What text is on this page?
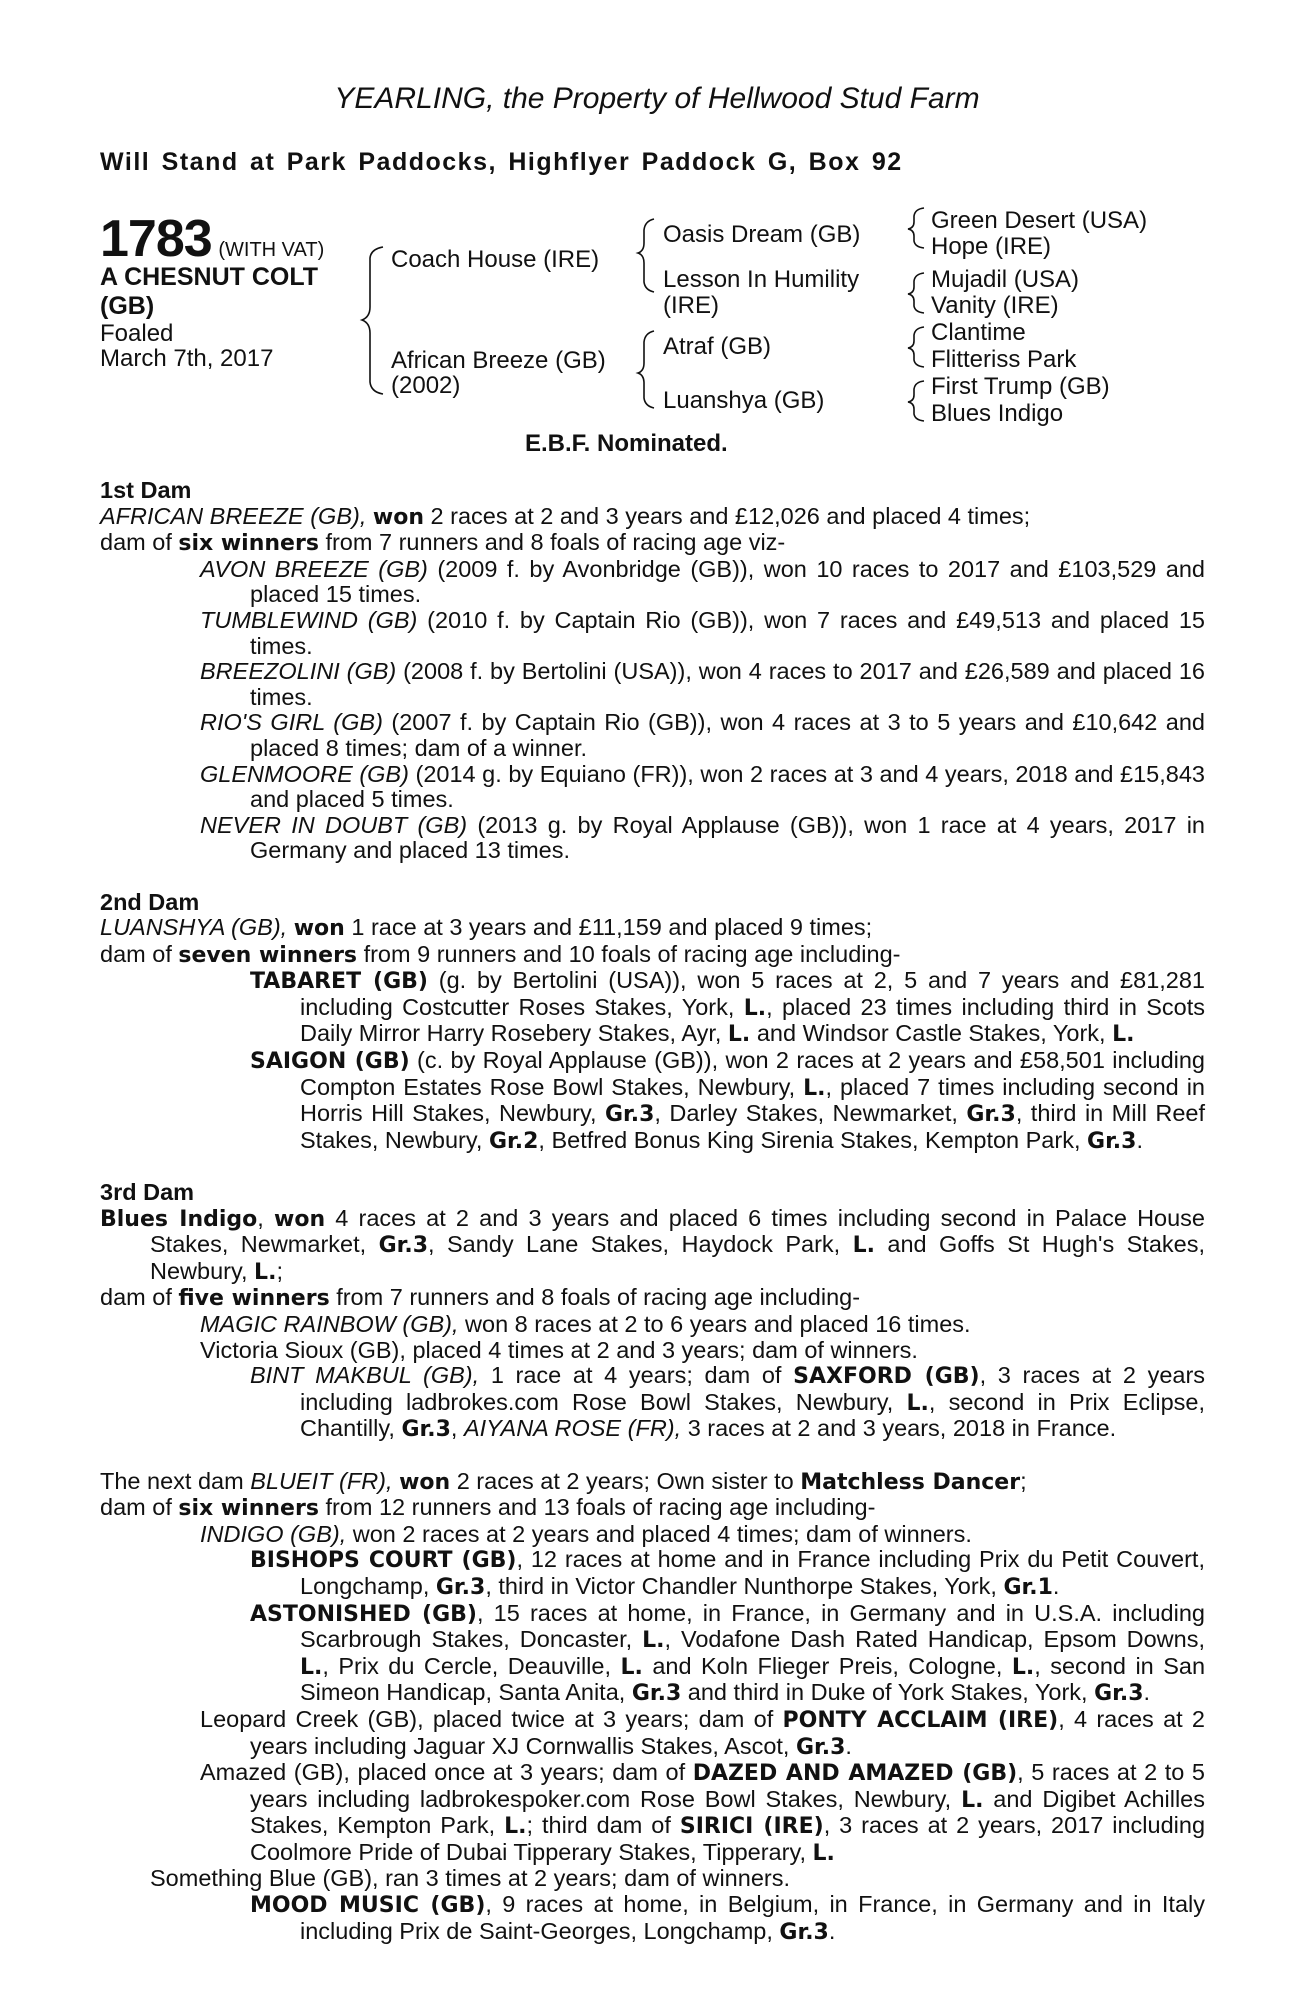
YEARLING, the Property of Hellwood Stud Farm
Will Stand at Park Paddocks, Highflyer Paddock G, Box 92
1783 (WITH VAT)
A CHESNUT COLT
(GB)
Foaled
March 7th, 2017
Coach House (IRE)
African Breeze (GB)
(2002)
Oasis Dream (GB)
Lesson In Humility
(IRE)
Atraf (GB)
Luanshya (GB)
Green Desert (USA)
Hope (IRE)
Mujadil (USA)
Vanity (IRE)
Clantime
Flitteriss Park
First Trump (GB)
Blues Indigo
E.B.F. Nominated.

1st Dam

AFRICAN BREEZE (GB), won 2 races at 2 and 3 years and £12,026 and placed 4 times;

dam of six winners from 7 runners and 8 foals of racing age viz-

AVON BREEZE (GB) (2009 f. by Avonbridge (GB)), won 10 races to 2017 and £103,529 and placed 15 times.

TUMBLEWIND (GB) (2010 f. by Captain Rio (GB)), won 7 races and £49,513 and placed 15 times.

BREEZOLINI (GB) (2008 f. by Bertolini (USA)), won 4 races to 2017 and £26,589 and placed 16 times.

RIO'S GIRL (GB) (2007 f. by Captain Rio (GB)), won 4 races at 3 to 5 years and £10,642 and placed 8 times; dam of a winner.

GLENMOORE (GB) (2014 g. by Equiano (FR)), won 2 races at 3 and 4 years, 2018 and £15,843 and placed 5 times.

NEVER IN DOUBT (GB) (2013 g. by Royal Applause (GB)), won 1 race at 4 years, 2017 in Germany and placed 13 times.

2nd Dam

LUANSHYA (GB), won 1 race at 3 years and £11,159 and placed 9 times;

dam of seven winners from 9 runners and 10 foals of racing age including-

TABARET (GB) (g. by Bertolini (USA)), won 5 races at 2, 5 and 7 years and £81,281 including Costcutter Roses Stakes, York, L., placed 23 times including third in Scots Daily Mirror Harry Rosebery Stakes, Ayr, L. and Windsor Castle Stakes, York, L.

SAIGON (GB) (c. by Royal Applause (GB)), won 2 races at 2 years and £58,501 including Compton Estates Rose Bowl Stakes, Newbury, L., placed 7 times including second in Horris Hill Stakes, Newbury, Gr.3, Darley Stakes, Newmarket, Gr.3, third in Mill Reef Stakes, Newbury, Gr.2, Betfred Bonus King Sirenia Stakes, Kempton Park, Gr.3.

3rd Dam

Blues Indigo, won 4 races at 2 and 3 years and placed 6 times including second in Palace House Stakes, Newmarket, Gr.3, Sandy Lane Stakes, Haydock Park, L. and Goffs St Hugh's Stakes, Newbury, L.;

dam of five winners from 7 runners and 8 foals of racing age including-

MAGIC RAINBOW (GB), won 8 races at 2 to 6 years and placed 16 times.

Victoria Sioux (GB), placed 4 times at 2 and 3 years; dam of winners.

BINT MAKBUL (GB), 1 race at 4 years; dam of SAXFORD (GB), 3 races at 2 years including ladbrokes.com Rose Bowl Stakes, Newbury, L., second in Prix Eclipse, Chantilly, Gr.3, AIYANA ROSE (FR), 3 races at 2 and 3 years, 2018 in France.

The next dam BLUEIT (FR), won 2 races at 2 years; Own sister to Matchless Dancer;

dam of six winners from 12 runners and 13 foals of racing age including-

INDIGO (GB), won 2 races at 2 years and placed 4 times; dam of winners.

BISHOPS COURT (GB), 12 races at home and in France including Prix du Petit Couvert, Longchamp, Gr.3, third in Victor Chandler Nunthorpe Stakes, York, Gr.1.

ASTONISHED (GB), 15 races at home, in France, in Germany and in U.S.A. including Scarbrough Stakes, Doncaster, L., Vodafone Dash Rated Handicap, Epsom Downs, L., Prix du Cercle, Deauville, L. and Koln Flieger Preis, Cologne, L., second in San Simeon Handicap, Santa Anita, Gr.3 and third in Duke of York Stakes, York, Gr.3.

Leopard Creek (GB), placed twice at 3 years; dam of PONTY ACCLAIM (IRE), 4 races at 2 years including Jaguar XJ Cornwallis Stakes, Ascot, Gr.3.

Amazed (GB), placed once at 3 years; dam of DAZED AND AMAZED (GB), 5 races at 2 to 5 years including ladbrokespoker.com Rose Bowl Stakes, Newbury, L. and Digibet Achilles Stakes, Kempton Park, L.; third dam of SIRICI (IRE), 3 races at 2 years, 2017 including Coolmore Pride of Dubai Tipperary Stakes, Tipperary, L.

Something Blue (GB), ran 3 times at 2 years; dam of winners.

MOOD MUSIC (GB), 9 races at home, in Belgium, in France, in Germany and in Italy including Prix de Saint-Georges, Longchamp, Gr.3.
